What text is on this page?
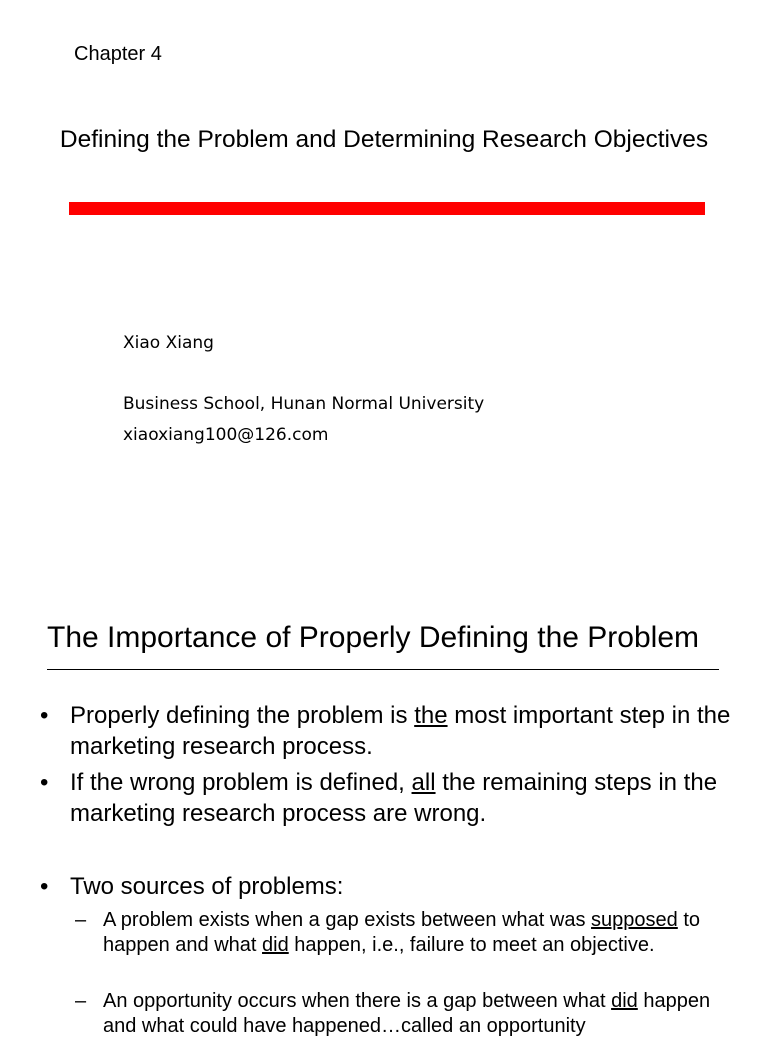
Chapter 4
Defining the Problem and Determining Research Objectives
Xiao Xiang
Business School, Hunan Normal University
xiaoxiang100@126.com
The Importance of Properly Defining the Problem
• Properly defining the problem is the most important step in the marketing research process.
• If the wrong problem is defined, all the remaining steps in the marketing research process are wrong.
• Two sources of problems:
– A problem exists when a gap exists between what was supposed to happen and what did happen, i.e., failure to meet an objective.
– An opportunity occurs when there is a gap between what did happen and what could have happened…called an opportunity
